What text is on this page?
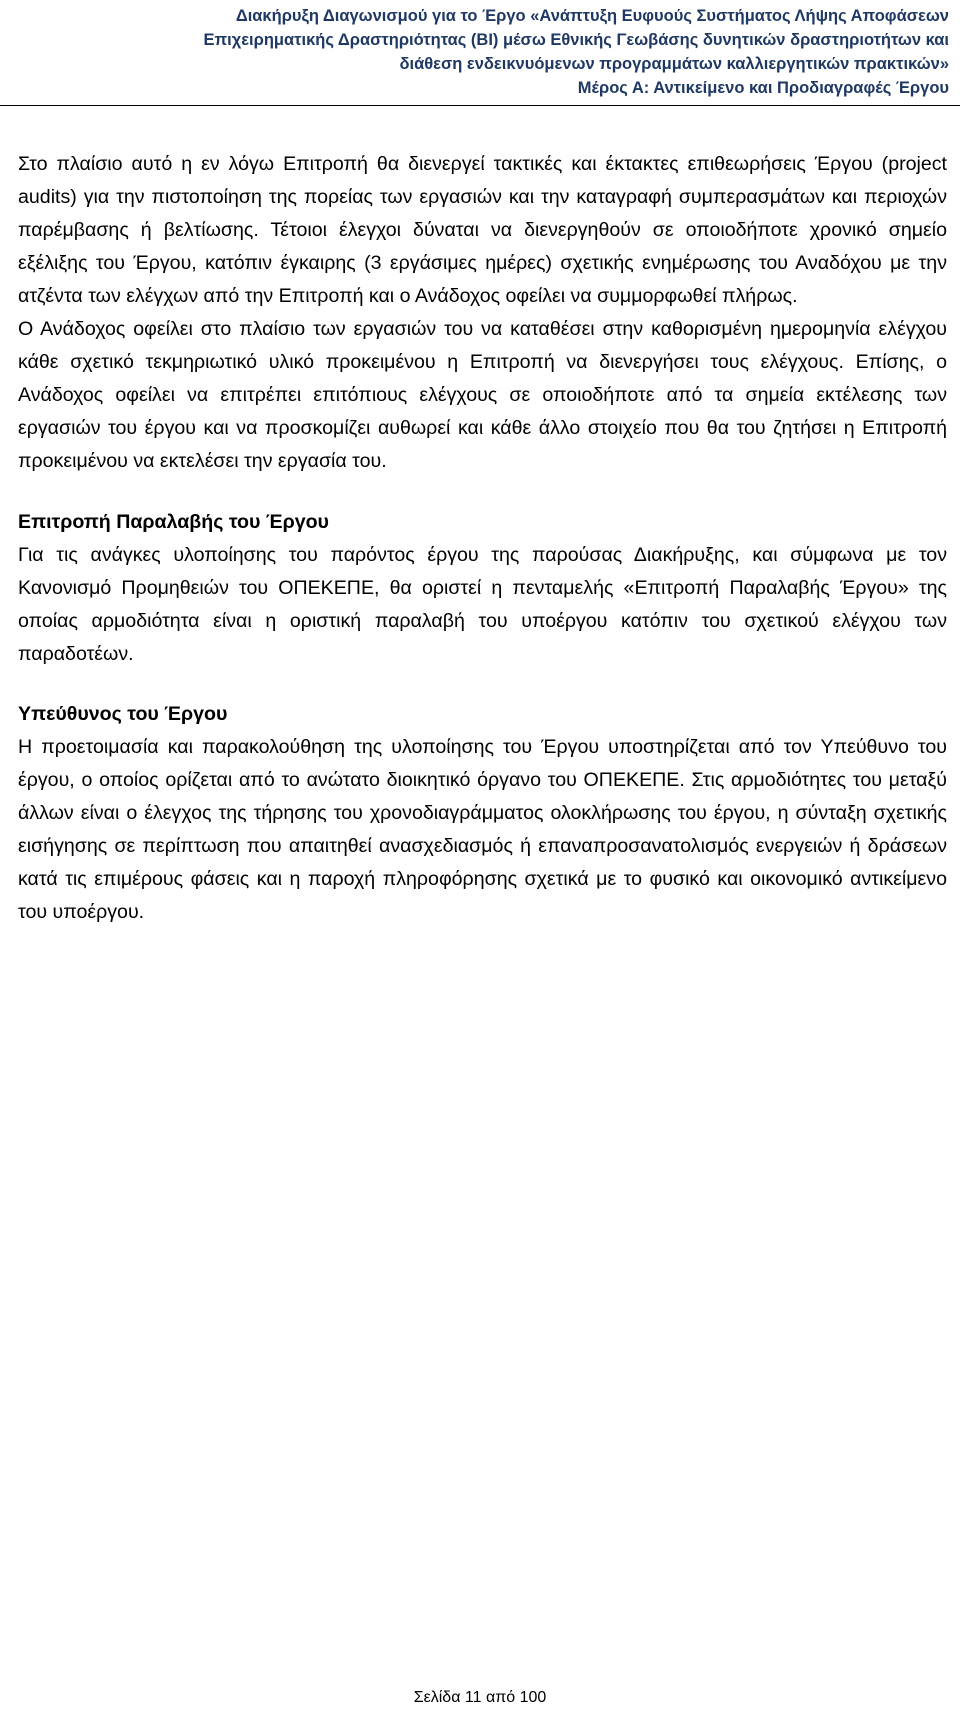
Διακήρυξη Διαγωνισμού για το Έργο «Ανάπτυξη Ευφυούς Συστήματος Λήψης Αποφάσεων
Επιχειρηματικής Δραστηριότητας (BI) μέσω Εθνικής Γεωβάσης δυνητικών δραστηριοτήτων και
διάθεση ενδεικνυόμενων προγραμμάτων καλλιεργητικών πρακτικών»
Μέρος Α: Αντικείμενο και Προδιαγραφές Έργου

Στο πλαίσιο αυτό η εν λόγω Επιτροπή θα διενεργεί τακτικές και έκτακτες επιθεωρήσεις Έργου (project audits) για την πιστοποίηση της πορείας των εργασιών και την καταγραφή συμπερασμάτων και περιοχών παρέμβασης ή βελτίωσης. Τέτοιοι έλεγχοι δύναται να διενεργηθούν σε οποιοδήποτε χρονικό σημείο εξέλιξης του Έργου, κατόπιν έγκαιρης (3 εργάσιμες ημέρες) σχετικής ενημέρωσης του Αναδόχου με την ατζέντα των ελέγχων από την Επιτροπή και ο Ανάδοχος οφείλει να συμμορφωθεί πλήρως.

Ο Ανάδοχος οφείλει στο πλαίσιο των εργασιών του να καταθέσει στην καθορισμένη ημερομηνία ελέγχου κάθε σχετικό τεκμηριωτικό υλικό προκειμένου η Επιτροπή να διενεργήσει τους ελέγχους. Επίσης, ο Ανάδοχος οφείλει να επιτρέπει επιτόπιους ελέγχους σε οποιοδήποτε από τα σημεία εκτέλεσης των εργασιών του έργου και να προσκομίζει αυθωρεί και κάθε άλλο στοιχείο που θα του ζητήσει η Επιτροπή προκειμένου να εκτελέσει την εργασία του.

Επιτροπή Παραλαβής του Έργου

Για τις ανάγκες υλοποίησης του παρόντος έργου της παρούσας Διακήρυξης, και σύμφωνα με τον Κανονισμό Προμηθειών του ΟΠΕΚΕΠΕ, θα οριστεί η πενταμελής «Επιτροπή Παραλαβής Έργου» της οποίας αρμοδιότητα είναι η οριστική παραλαβή του υποέργου κατόπιν του σχετικού ελέγχου των παραδοτέων.

Υπεύθυνος του Έργου

Η προετοιμασία και παρακολούθηση της υλοποίησης του Έργου υποστηρίζεται από τον Υπεύθυνο του έργου, ο οποίος ορίζεται από το ανώτατο διοικητικό όργανο του ΟΠΕΚΕΠΕ. Στις αρμοδιότητες του μεταξύ άλλων είναι ο έλεγχος της τήρησης του χρονοδιαγράμματος ολοκλήρωσης του έργου, η σύνταξη σχετικής εισήγησης σε περίπτωση που απαιτηθεί ανασχεδιασμός ή επαναπροσανατολισμός ενεργειών ή δράσεων κατά τις επιμέρους φάσεις και η παροχή πληροφόρησης σχετικά με το φυσικό και οικονομικό αντικείμενο του υποέργου.

Σελίδα 11 από 100
